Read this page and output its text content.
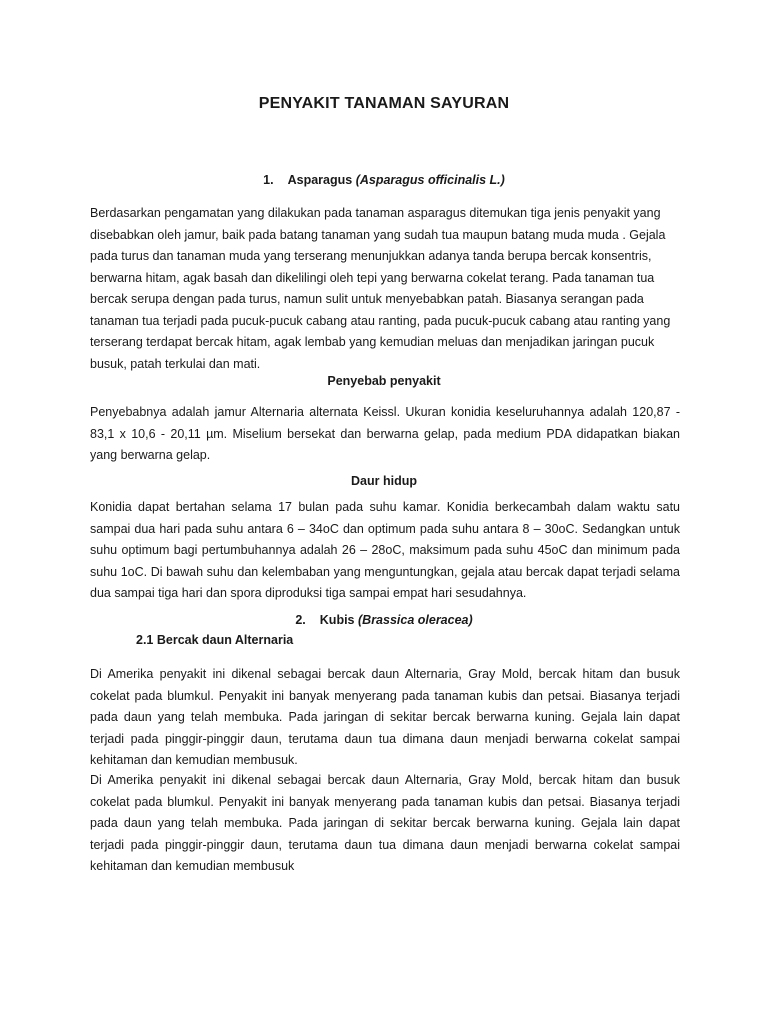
PENYAKIT TANAMAN SAYURAN
1. Asparagus (Asparagus officinalis L.)
Berdasarkan pengamatan yang dilakukan pada tanaman asparagus ditemukan tiga jenis penyakit yang disebabkan oleh jamur, baik pada batang tanaman yang sudah tua maupun batang muda muda . Gejala pada turus dan tanaman muda yang terserang menunjukkan adanya tanda berupa bercak konsentris, berwarna hitam, agak basah dan dikelilingi oleh tepi yang berwarna cokelat terang. Pada tanaman tua bercak serupa dengan pada turus, namun sulit untuk menyebabkan patah. Biasanya serangan pada tanaman tua terjadi pada pucuk-pucuk cabang atau ranting, pada pucuk-pucuk cabang atau ranting yang terserang terdapat bercak hitam, agak lembab yang kemudian meluas dan menjadikan jaringan pucuk busuk, patah terkulai dan mati.
Penyebab penyakit
Penyebabnya adalah jamur Alternaria alternata Keissl. Ukuran konidia keseluruhannya adalah 120,87 - 83,1 x 10,6 - 20,11 µm. Miselium bersekat dan berwarna gelap, pada medium PDA didapatkan biakan yang berwarna gelap.
Daur hidup
Konidia dapat bertahan selama 17 bulan pada suhu kamar. Konidia berkecambah dalam waktu satu sampai dua hari pada suhu antara 6 – 34oC dan optimum pada suhu antara 8 – 30oC. Sedangkan untuk suhu optimum bagi pertumbuhannya adalah 26 – 28oC, maksimum pada suhu 45oC dan minimum pada suhu 1oC. Di bawah suhu dan kelembaban yang menguntungkan, gejala atau bercak dapat terjadi selama dua sampai tiga hari dan spora diproduksi tiga sampai empat hari sesudahnya.
2. Kubis (Brassica oleracea)
2.1 Bercak daun Alternaria
Di Amerika penyakit ini dikenal sebagai bercak daun Alternaria, Gray Mold, bercak hitam dan busuk cokelat pada blumkul. Penyakit ini banyak menyerang pada tanaman kubis dan petsai. Biasanya terjadi pada daun yang telah membuka. Pada jaringan di sekitar bercak berwarna kuning. Gejala lain dapat terjadi pada pinggir-pinggir daun, terutama daun tua dimana daun menjadi berwarna cokelat sampai kehitaman dan kemudian membusuk.
Di Amerika penyakit ini dikenal sebagai bercak daun Alternaria, Gray Mold, bercak hitam dan busuk cokelat pada blumkul. Penyakit ini banyak menyerang pada tanaman kubis dan petsai. Biasanya terjadi pada daun yang telah membuka. Pada jaringan di sekitar bercak berwarna kuning. Gejala lain dapat terjadi pada pinggir-pinggir daun, terutama daun tua dimana daun menjadi berwarna cokelat sampai kehitaman dan kemudian membusuk
